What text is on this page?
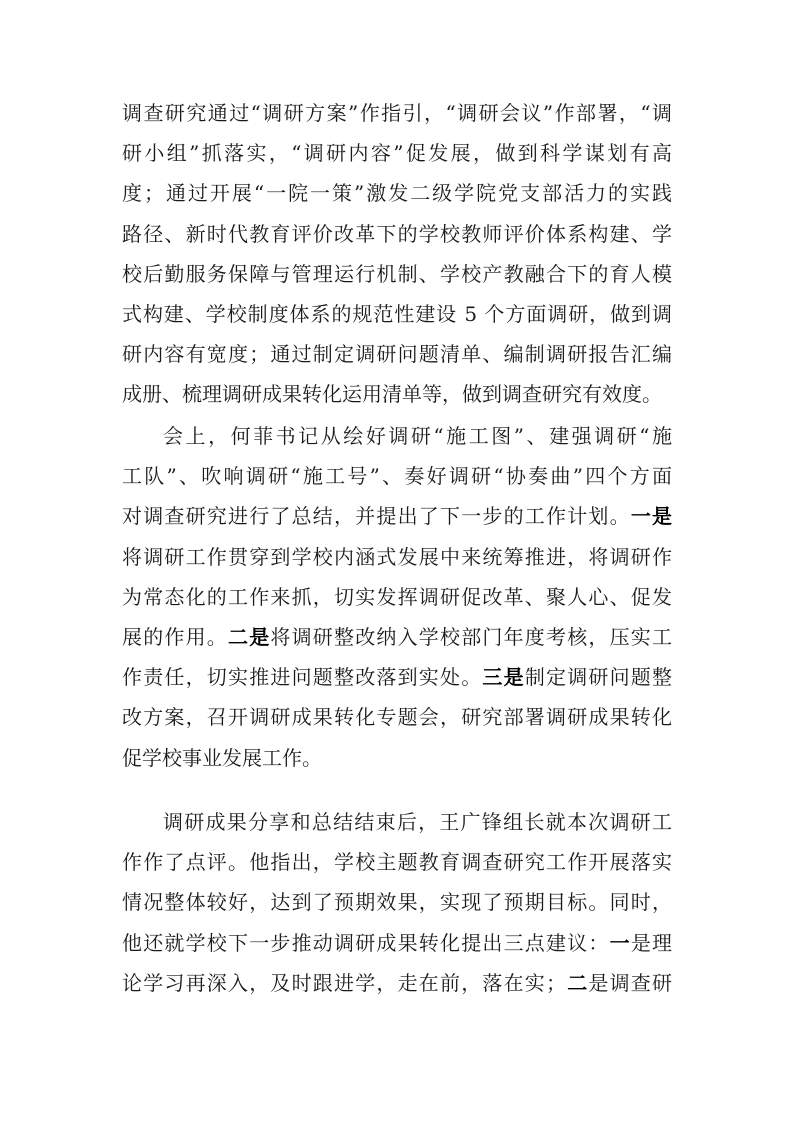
调查研究通过“调研方案”作指引，“调研会议”作部署，“调
研小组”抓落实，“调研内容”促发展，做到科学谋划有高
度；通过开展“一院一策”激发二级学院党支部活力的实践
路径、新时代教育评价改革下的学校教师评价体系构建、学
校后勤服务保障与管理运行机制、学校产教融合下的育人模
式构建、学校制度体系的规范性建设 5 个方面调研，做到调
研内容有宽度；通过制定调研问题清单、编制调研报告汇编
成册、梳理调研成果转化运用清单等，做到调查研究有效度。
会上，何菲书记从绘好调研“施工图”、建强调研“施
工队”、吹响调研“施工号”、奏好调研“协奏曲”四个方面
对调查研究进行了总结，并提出了下一步的工作计划。一是
将调研工作贯穿到学校内涵式发展中来统筹推进，将调研作
为常态化的工作来抓，切实发挥调研促改革、聚人心、促发
展的作用。二是将调研整改纳入学校部门年度考核，压实工
作责任，切实推进问题整改落到实处。三是制定调研问题整
改方案，召开调研成果转化专题会，研究部署调研成果转化
促学校事业发展工作。
调研成果分享和总结结束后，王广锋组长就本次调研工
作作了点评。他指出，学校主题教育调查研究工作开展落实
情况整体较好，达到了预期效果，实现了预期目标。同时，
他还就学校下一步推动调研成果转化提出三点建议：一是理
论学习再深入，及时跟进学，走在前，落在实；二是调查研
